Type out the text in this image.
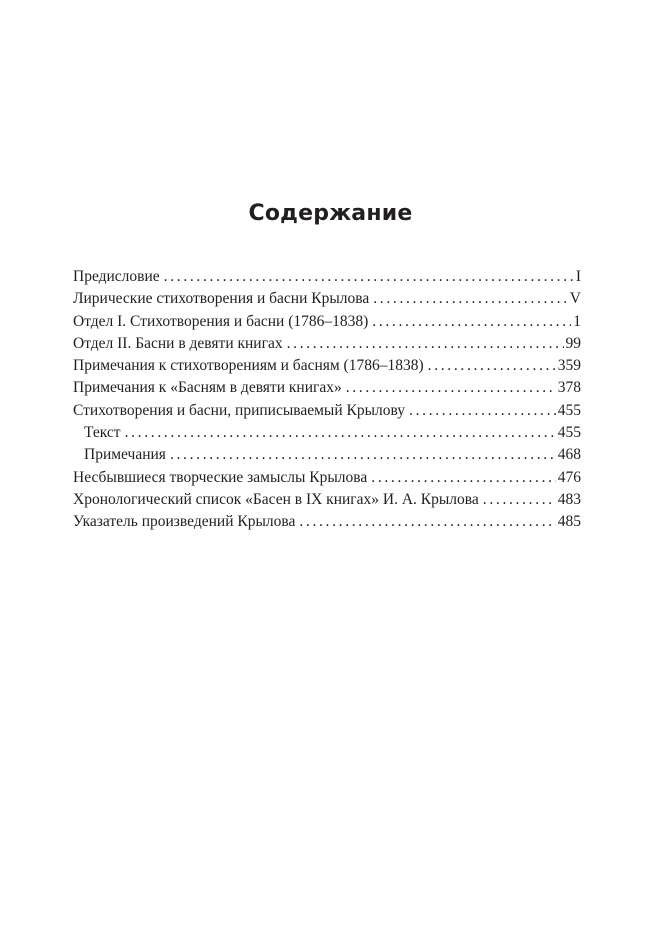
Содержание
Предисловие . . .	I
Лирические стихотворения и басни Крылова . . .	V
Отдел I. Стихотворения и басни (1786–1838) . . .	1
Отдел II. Басни в девяти книгах . . .	99
Примечания к стихотворениям и басням (1786–1838) . . .	359
Примечания к «Басням в девяти книгах» . . .	378
Стихотворения и басни, приписываемый Крылову . . .	455
Текст . . .	455
Примечания . . .	468
Несбывшиеся творческие замыслы Крылова . . .	476
Хронологический список «Басен в IX книгах» И. А. Крылова . . .	483
Указатель произведений Крылова . . .	485
